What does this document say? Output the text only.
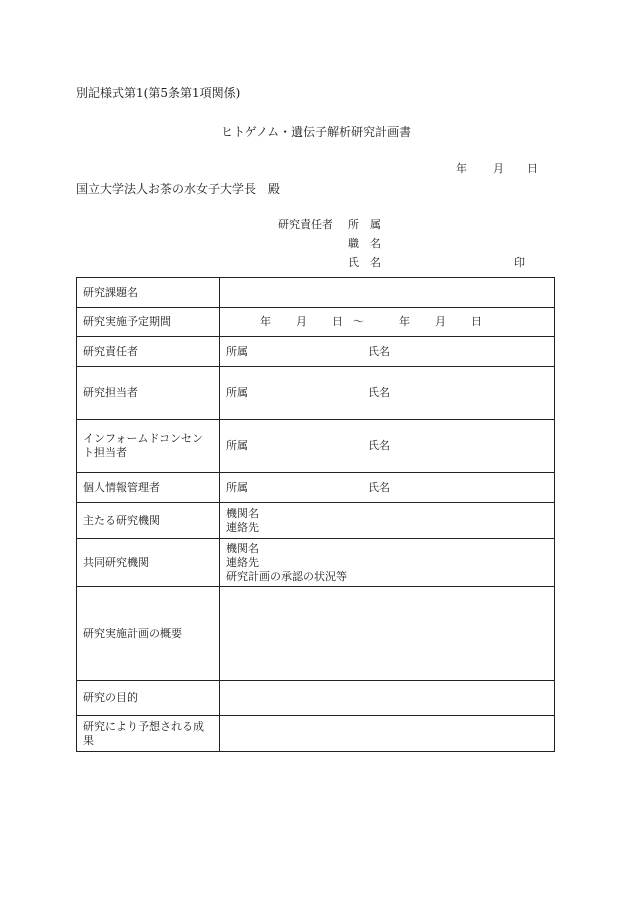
別記様式第1(第5条第1項関係)
ヒトゲノム・遺伝子解析研究計画書
年 月 日
国立大学法人お茶の水女子大学長　殿
研究責任者 所　属
職　名
氏　名	印
研究課題名	
研究実施予定期間	年 月 日 〜 年 月 日
研究責任者	所属 氏名

研究担当者	所属 氏名

インフォームドコンセント担当者	所属 氏名

個人情報管理者	所属 氏名

主たる研究機関	機関名
連絡先

共同研究機関	機関名
連絡先
研究計画の承認の状況等

研究実施計画の概要	
研究の目的	
研究により予想される成果	
